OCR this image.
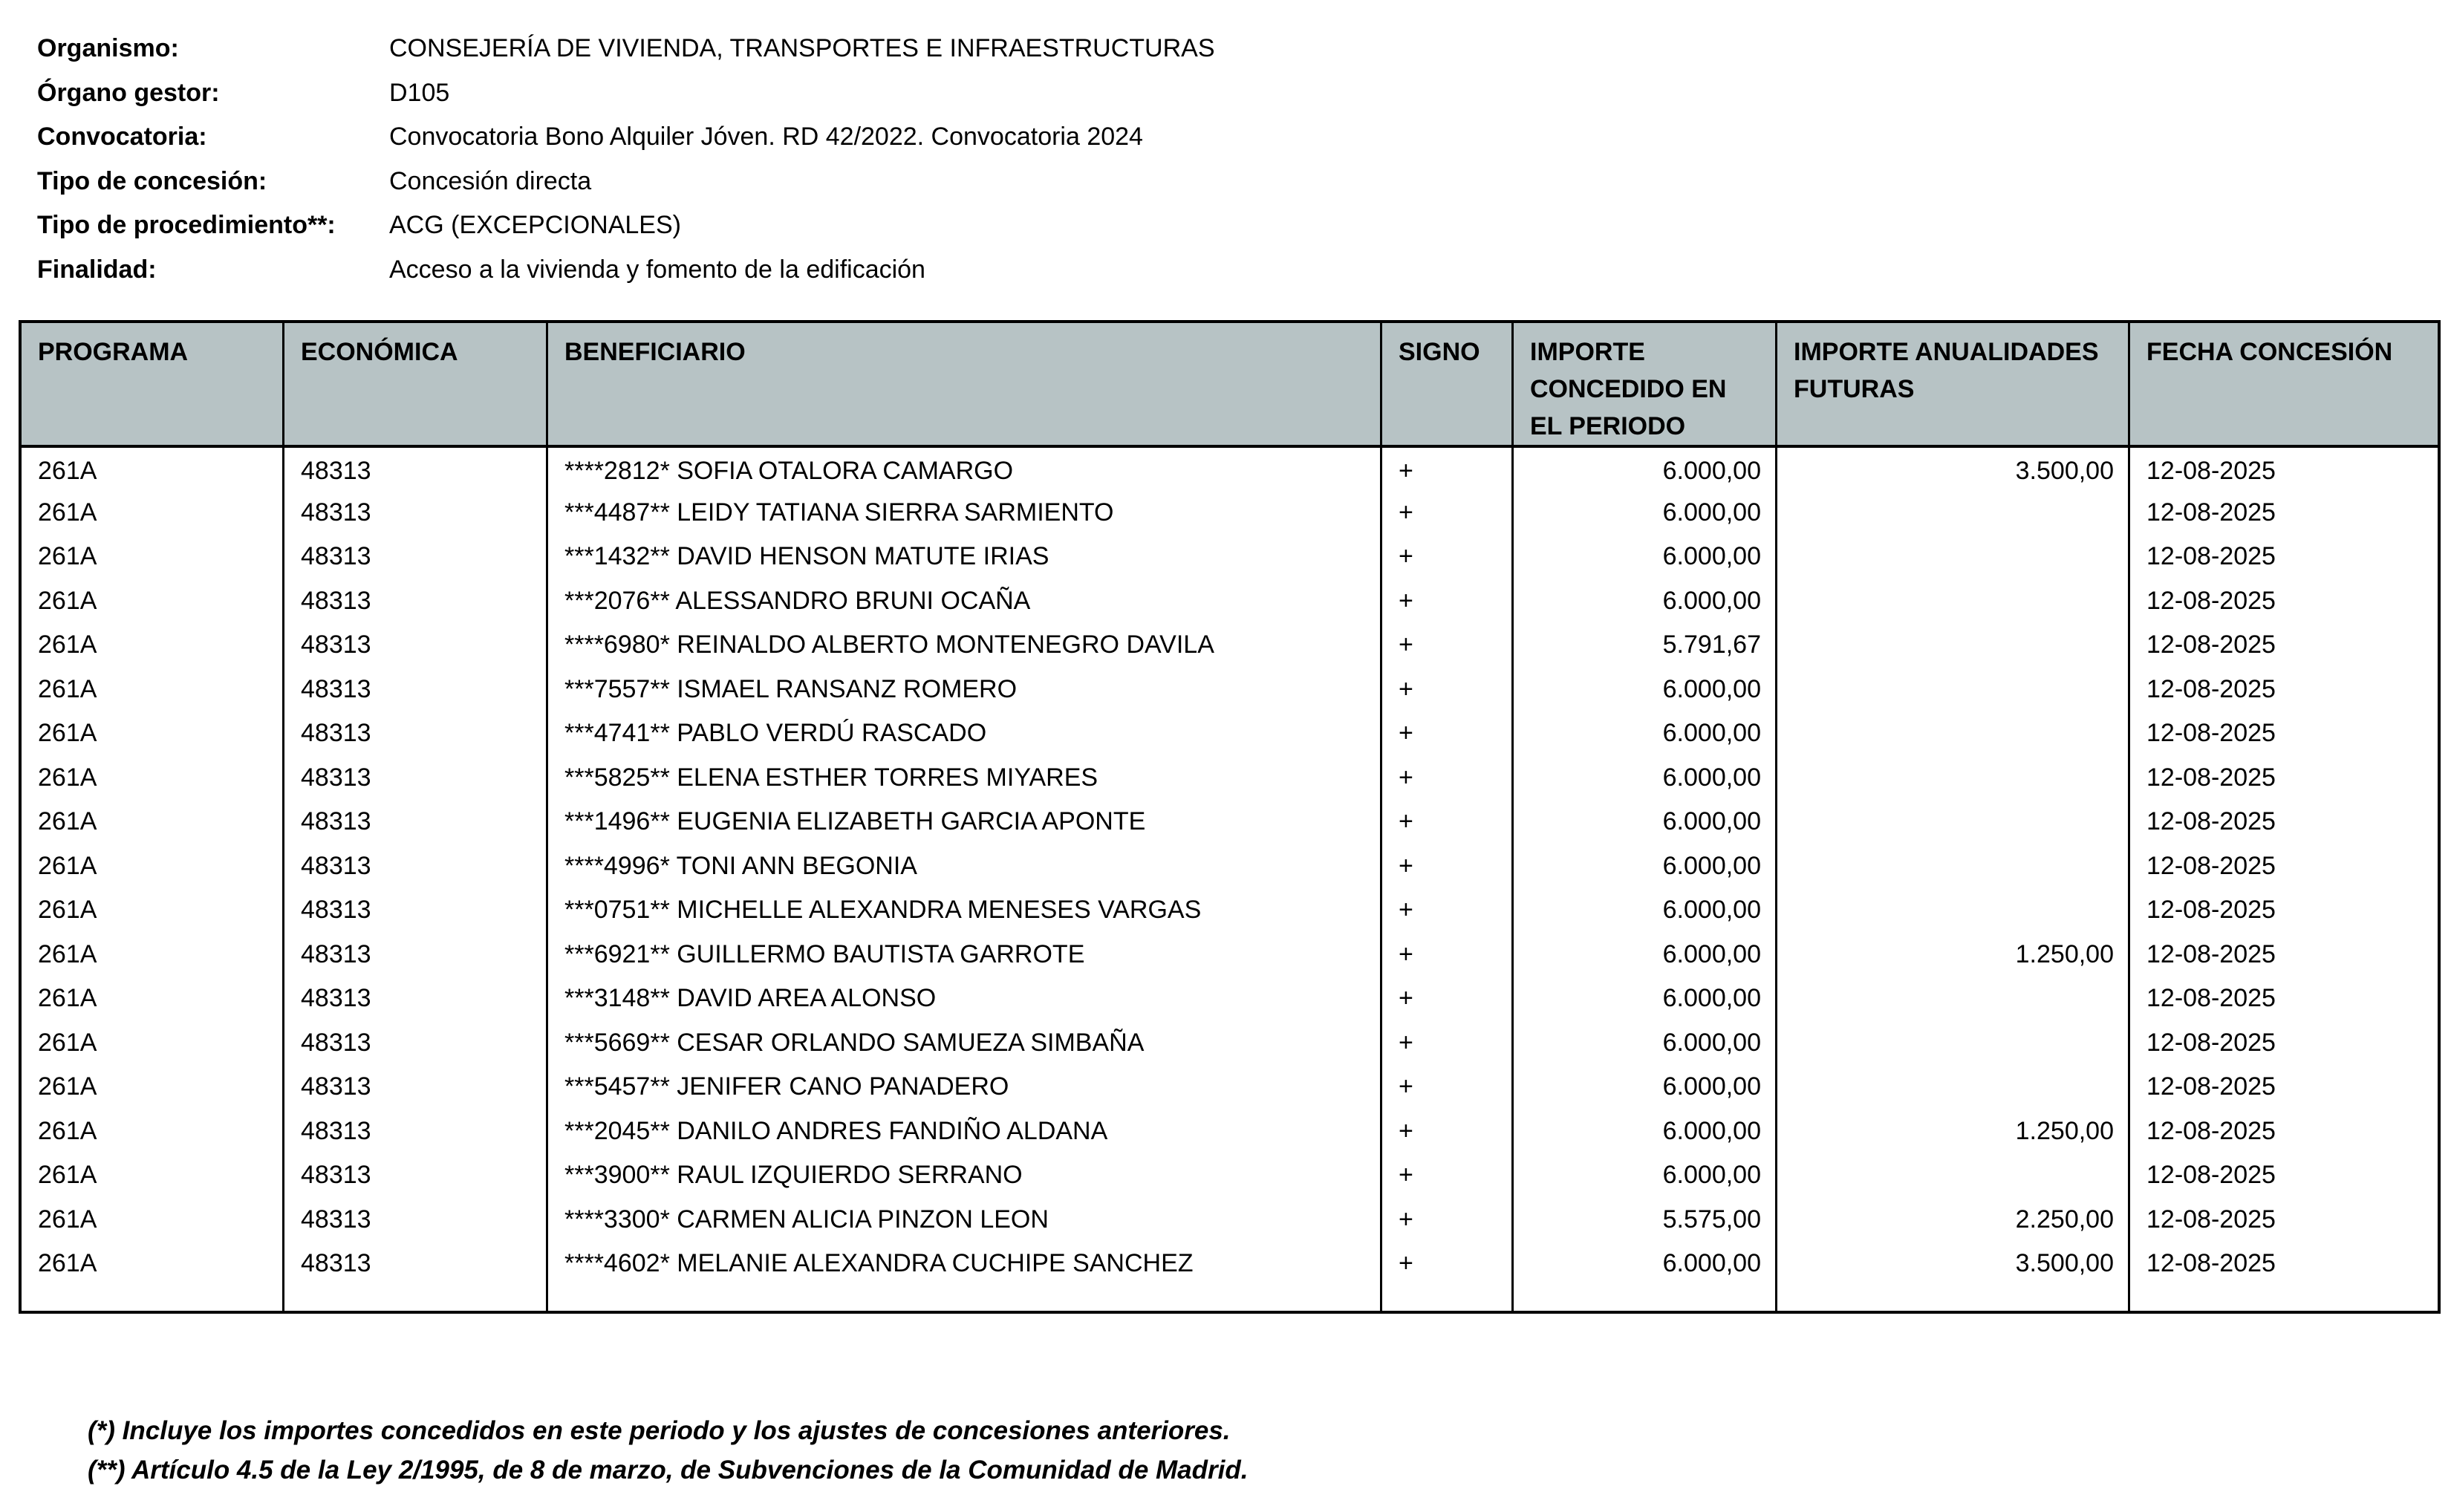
Organismo:	CONSEJERÍA DE VIVIENDA, TRANSPORTES E INFRAESTRUCTURAS
Órgano gestor:	D105
Convocatoria:	Convocatoria Bono Alquiler Jóven. RD 42/2022. Convocatoria 2024
Tipo de concesión:	Concesión directa
Tipo de procedimiento**:	ACG (EXCEPCIONALES)
Finalidad:	Acceso a la vivienda y fomento de la edificación
PROGRAMA	ECONÓMICA	BENEFICIARIO	SIGNO	IMPORTE CONCEDIDO EN EL PERIODO	IMPORTE ANUALIDADES FUTURAS	FECHA CONCESIÓN
261A	48313	****2812* SOFIA OTALORA CAMARGO	+	6.000,00	3.500,00	12-08-2025
261A	48313	***4487** LEIDY TATIANA SIERRA SARMIENTO	+	6.000,00		12-08-2025
261A	48313	***1432** DAVID HENSON MATUTE IRIAS	+	6.000,00		12-08-2025
261A	48313	***2076** ALESSANDRO BRUNI OCAÑA	+	6.000,00		12-08-2025
261A	48313	****6980* REINALDO ALBERTO MONTENEGRO DAVILA	+	5.791,67		12-08-2025
261A	48313	***7557** ISMAEL RANSANZ ROMERO	+	6.000,00		12-08-2025
261A	48313	***4741** PABLO VERDÚ RASCADO	+	6.000,00		12-08-2025
261A	48313	***5825** ELENA ESTHER TORRES MIYARES	+	6.000,00		12-08-2025
261A	48313	***1496** EUGENIA ELIZABETH GARCIA APONTE	+	6.000,00		12-08-2025
261A	48313	****4996* TONI ANN BEGONIA	+	6.000,00		12-08-2025
261A	48313	***0751** MICHELLE ALEXANDRA MENESES VARGAS	+	6.000,00		12-08-2025
261A	48313	***6921** GUILLERMO BAUTISTA GARROTE	+	6.000,00	1.250,00	12-08-2025
261A	48313	***3148** DAVID AREA ALONSO	+	6.000,00		12-08-2025
261A	48313	***5669** CESAR ORLANDO SAMUEZA SIMBAÑA	+	6.000,00		12-08-2025
261A	48313	***5457** JENIFER CANO PANADERO	+	6.000,00		12-08-2025
261A	48313	***2045** DANILO ANDRES FANDIÑO ALDANA	+	6.000,00	1.250,00	12-08-2025
261A	48313	***3900** RAUL IZQUIERDO SERRANO	+	6.000,00		12-08-2025
261A	48313	****3300* CARMEN ALICIA PINZON LEON	+	5.575,00	2.250,00	12-08-2025
261A	48313	****4602* MELANIE ALEXANDRA CUCHIPE SANCHEZ	+	6.000,00	3.500,00	12-08-2025
(*) Incluye los importes concedidos en este periodo y los ajustes de concesiones anteriores.
(**) Artículo 4.5 de la Ley 2/1995, de 8 de marzo, de Subvenciones de la Comunidad de Madrid.
